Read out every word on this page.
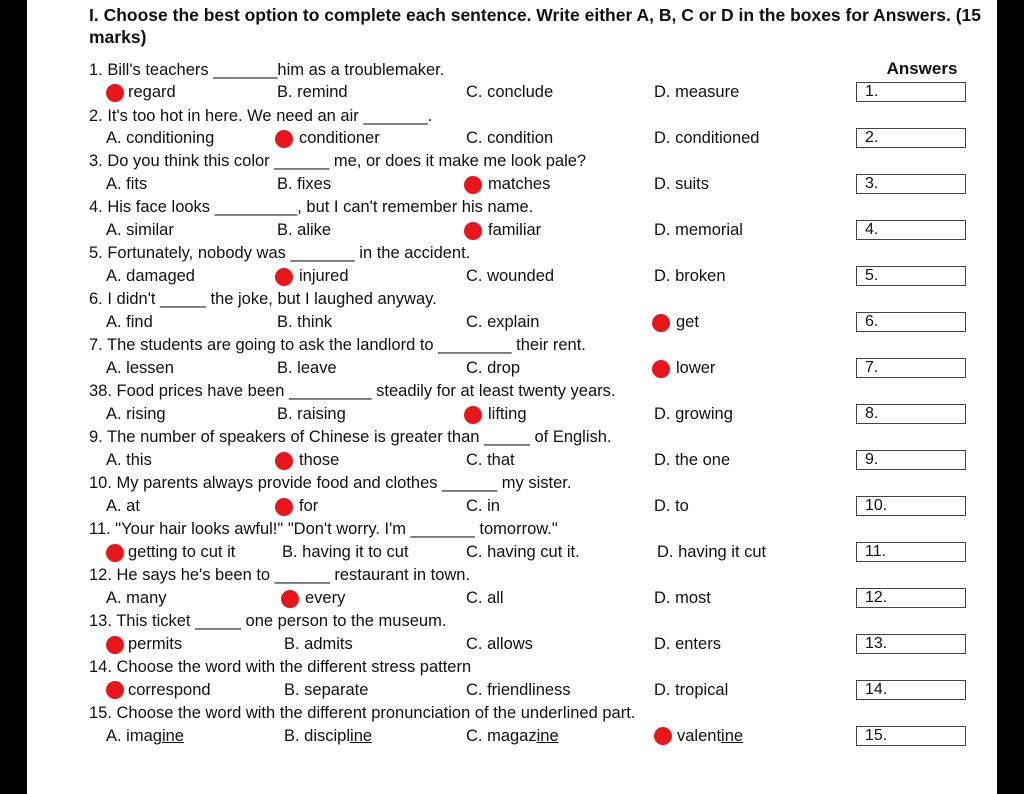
I. Choose the best option to complete each sentence. Write either A, B, C or D in the boxes for Answers. (15 marks)
Answers
1. Bill's teachers _______him as a troublemaker.
regard	B. remind	C. conclude	D. measure	1.
2. It's too hot in here. We need an air _______.
A. conditioning	conditioner	C. condition	D. conditioned	2.
3. Do you think this color ______ me, or does it make me look pale?
A. fits	B. fixes	matches	D. suits	3.
4. His face looks _________, but I can't remember his name.
A. similar	B. alike	familiar	D. memorial	4.
5. Fortunately, nobody was _______ in the accident.
A. damaged	injured	C. wounded	D. broken	5.
6. I didn't _____ the joke, but I laughed anyway.
A. find	B. think	C. explain	get	6.
7. The students are going to ask the landlord to ________ their rent.
A. lessen	B. leave	C. drop	lower	7.
38. Food prices have been _________ steadily for at least twenty years.
A. rising	B. raising	lifting	D. growing	8.
9. The number of speakers of Chinese is greater than _____ of English.
A. this	those	C. that	D. the one	9.
10. My parents always provide food and clothes ______ my sister.
A. at	for	C. in	D. to	10.
11. "Your hair looks awful!" "Don't worry. I'm _______ tomorrow."
getting to cut it	B. having it to cut	C. having cut it.	D. having it cut	11.
12. He says he's been to ______ restaurant in town.
A. many	every	C. all	D. most	12.
13. This ticket _____ one person to the museum.
permits	B. admits	C. allows	D. enters	13.
14. Choose the word with the different stress pattern
correspond	B. separate	C. friendliness	D. tropical	14.
15. Choose the word with the different pronunciation of the underlined part.
A. imagine	B. discipline	C. magazine	valentine	15.
